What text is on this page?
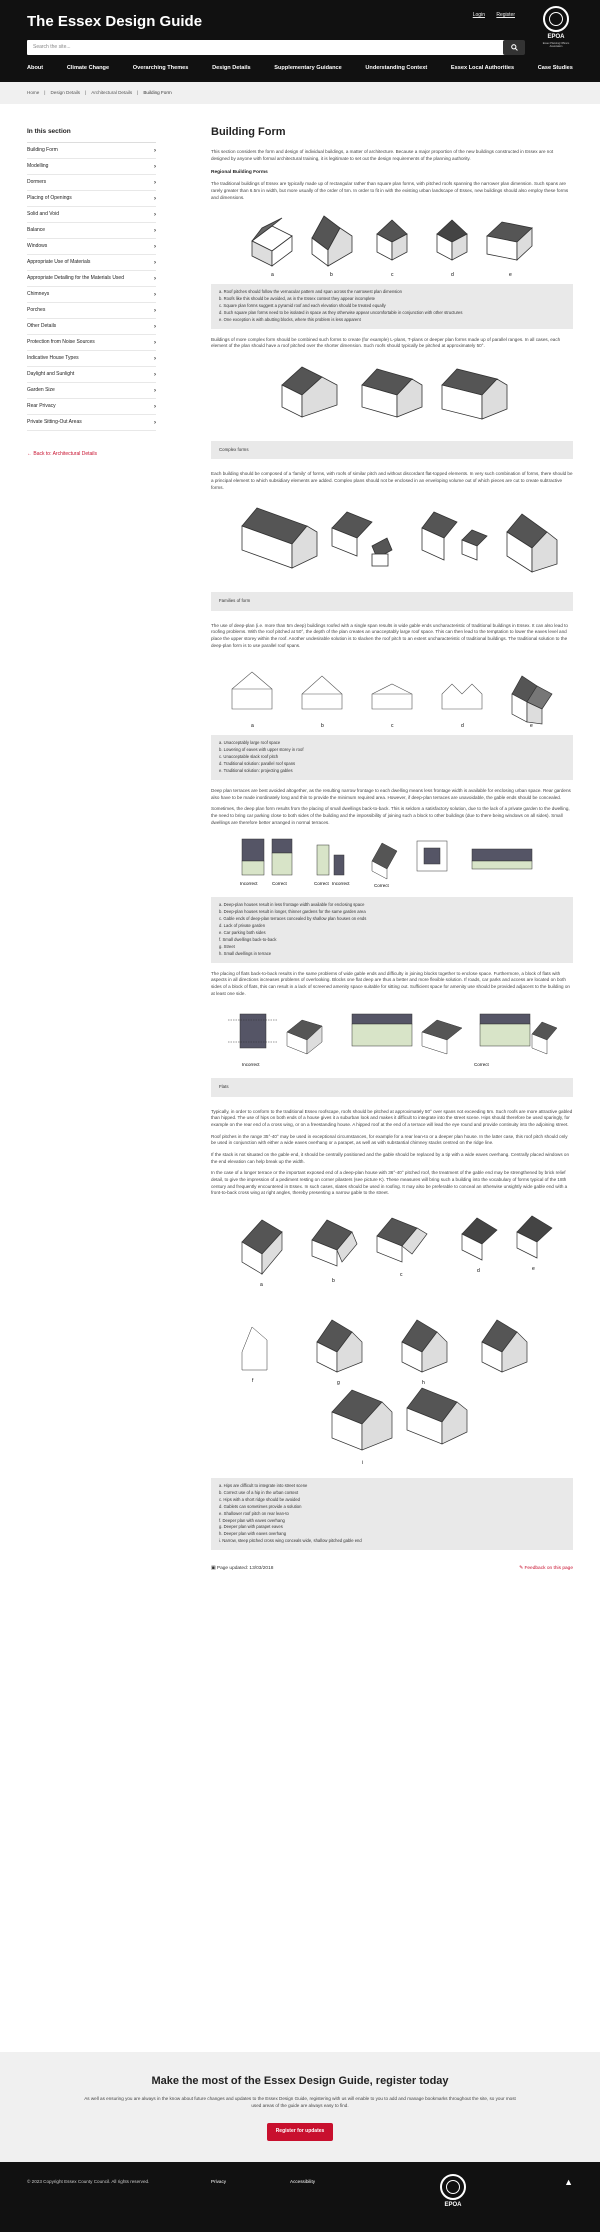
The Essex Design Guide	Login Register
EPOA
Essex Planning Officers Association
Search the site...
About	Climate Change	Overarching Themes	Design Details	Supplementary Guidance	Understanding Context	Essex Local Authorities	Case Studies
Home | Design Details | Architectural Details | Building Form
In this section
Building Form	›
Modelling	›
Dormers	›
Placing of Openings	›
Solid and Void	›
Balance	›
Windows	›
Appropriate Use of Materials	›
Appropriate Detailing for the Materials Used	›
Chimneys	›
Porches	›
Other Details	›
Protection from Noise Sources	›
Indicative House Types	›
Daylight and Sunlight	›
Garden Size	›
Rear Privacy	›
Private Sitting-Out Areas	›
← Back to: Architectural Details
Building Form

This section considers the form and design of individual buildings, a matter of architecture. Because a major proportion of the new buildings constructed in Essex are not designed by anyone with formal architectural training, it is legitimate to set out the design requirements of the planning authority.

Regional Building Forms

The traditional buildings of Essex are typically made up of rectangular rather than square plan forms, with pitched roofs spanning the narrower plan dimension. Such spans are rarely greater than 6.5m in width, but more usually of the order of 5m. In order to fit in with the existing urban landscape of Essex, new buildings should also employ these forms and dimensions.

a	b	c	d	e
a. Roof pitches should follow the vernacular pattern and span across the narrowest plan dimension
b. Roofs like this should be avoided, as in the Essex context they appear incomplete
c. Square plan forms suggest a pyramid roof and each elevation should be treated equally
d. Such square plan forms need to be isolated in space as they otherwise appear uncomfortable in conjunction with other structures
e. One exception is with abutting blocks, where this problem is less apparent

Buildings of more complex form should be combined such forms to create (for example) L-plans, T-plans or deeper plan forms made up of parallel ranges. In all cases, each element of the plan should have a roof pitched over the shorter dimension. Such roofs should typically be pitched at approximately 50°.

Complex forms

Each building should be composed of a 'family' of forms, with roofs of similar pitch and without discordant flat-topped elements. In very such combination of forms, there should be a principal element to which subsidiary elements are added. Complex plans should not be enclosed in an enveloping volume out of which pieces are cut to create subtractive forms.

Families of form

The use of deep-plan (i.e. more than 5m deep) buildings roofed with a single span results in wide gable ends uncharacteristic of traditional buildings in Essex. It can also lead to roofing problems. With the roof pitched at 50°, the depth of the plan creates an unacceptably large roof space. This can then lead to the temptation to lower the eaves level and place the upper storey within the roof. Another undesirable solution is to slacken the roof pitch to an extent uncharacteristic of traditional buildings. The traditional solution to the deep-plan form is to use parallel roof spans.

a	b	c	d	e
a. Unacceptably large roof space
b. Lowering of eaves with upper storey in roof
c. Unacceptable slack roof pitch
d. Traditional solution: parallel roof spans
e. Traditional solution: projecting gables

Deep plan terraces are best avoided altogether, as the resulting narrow frontage to each dwelling means less frontage width is available for enclosing urban space. Rear gardens also have to be made inordinately long and thin to provide the minimum required area. However, if deep-plan terraces are unavoidable, the gable ends should be concealed.

Sometimes, the deep plan form results from the placing of small dwellings back-to-back. This is seldom a satisfactory solution, due to the lack of a private garden to the dwelling, the need to bring car parking close to both sides of the building and the impossibility of joining such a block to other buildings (due to there being windows on all sides). Small dwellings are therefore better arranged in normal terraces.

Incorrect	Correct	Correct Incorrect	Correct
a. Deep-plan houses result in less frontage width available for enclosing space
b. Deep-plan houses result in longer, thinner gardens for the same garden area
c. Gable ends of deep-plan terraces concealed by shallow plan houses on ends
d. Lack of private garden
e. Car parking both sides
f. Small dwellings back-to-back
g. Street
h. Small dwellings in terrace

The placing of flats back-to-back results in the same problems of wide gable ends and difficulty in joining blocks together to enclose space. Furthermore, a block of flats with aspects in all directions increases problems of overlooking. Blocks one flat deep are thus a better and more flexible solution. If roads, car parks and access are located on both sides of a block of flats, this can result in a lack of screened amenity space suitable for sitting out. Sufficient space for amenity use should be provided adjacent to the building on at least one side.

Incorrect	Correct
Flats

Typically, in order to conform to the traditional Essex roofscape, roofs should be pitched at approximately 50° over spans not exceeding 5m. Such roofs are more attractive gabled than hipped. The use of hips on both ends of a house gives it a suburban look and makes it difficult to integrate into the street scene. Hips should therefore be used sparingly, for example on the rear end of a cross wing, or on a freestanding house. A hipped roof at the end of a terrace will lead the eye round and provide continuity into the adjoining street.

Roof pitches in the range 35°-40° may be used in exceptional circumstances, for example for a rear lean-to or a deeper plan house. In the latter case, this roof pitch should only be used in conjunction with either a wide eaves overhang or a parapet, as well as with substantial chimney stacks centred on the ridge line.

If the stack is not situated on the gable end, it should be centrally positioned and the gable should be replaced by a tip with a wide eaves overhang. Centrally placed windows on the end elevation can help break up the width.

In the case of a longer terrace or the important exposed end of a deep-plan house with 36°-40° pitched roof, the treatment of the gable end may be strengthened by brick relief detail, to give the impression of a pediment resting on corner pilasters (see picture K). These measures will bring such a building into the vocabulary of forms typical of the 18th century and frequently encountered in Essex. In such cases, slates should be used in roofing. It may also be preferable to conceal an otherwise unsightly wide gable end with a front-to-back cross wing at right angles, thereby presenting a narrow gable to the street.

a
b
c
d	e
f	g	h
i
a. Hips are difficult to integrate into street scene
b. Correct use of a hip in the urban context
c. Hips with a short ridge should be avoided
d. Gablets can sometimes provide a solution
e. Shallower roof pitch on rear lean-to
f. Deeper plan with eaves overhang
g. Deeper plan with parapet eaves
h. Deeper plan with eaves overhang
i. Narrow, steep pitched cross wing conceals wide, shallow pitched gable end
▣ Page updated: 13/03/2018	✎ Feedback on this page
Make the most of the Essex Design Guide, register today

As well as ensuring you are always in the know about future changes and updates to the Essex Design Guide, registering with us will enable to you to add and manage bookmarks throughout the site, so your most used areas of the guide are always easy to find.

Register for updates
© 2023 Copyright Essex County Council. All rights reserved.	Privacy	Accessibility
EPOA
▲
